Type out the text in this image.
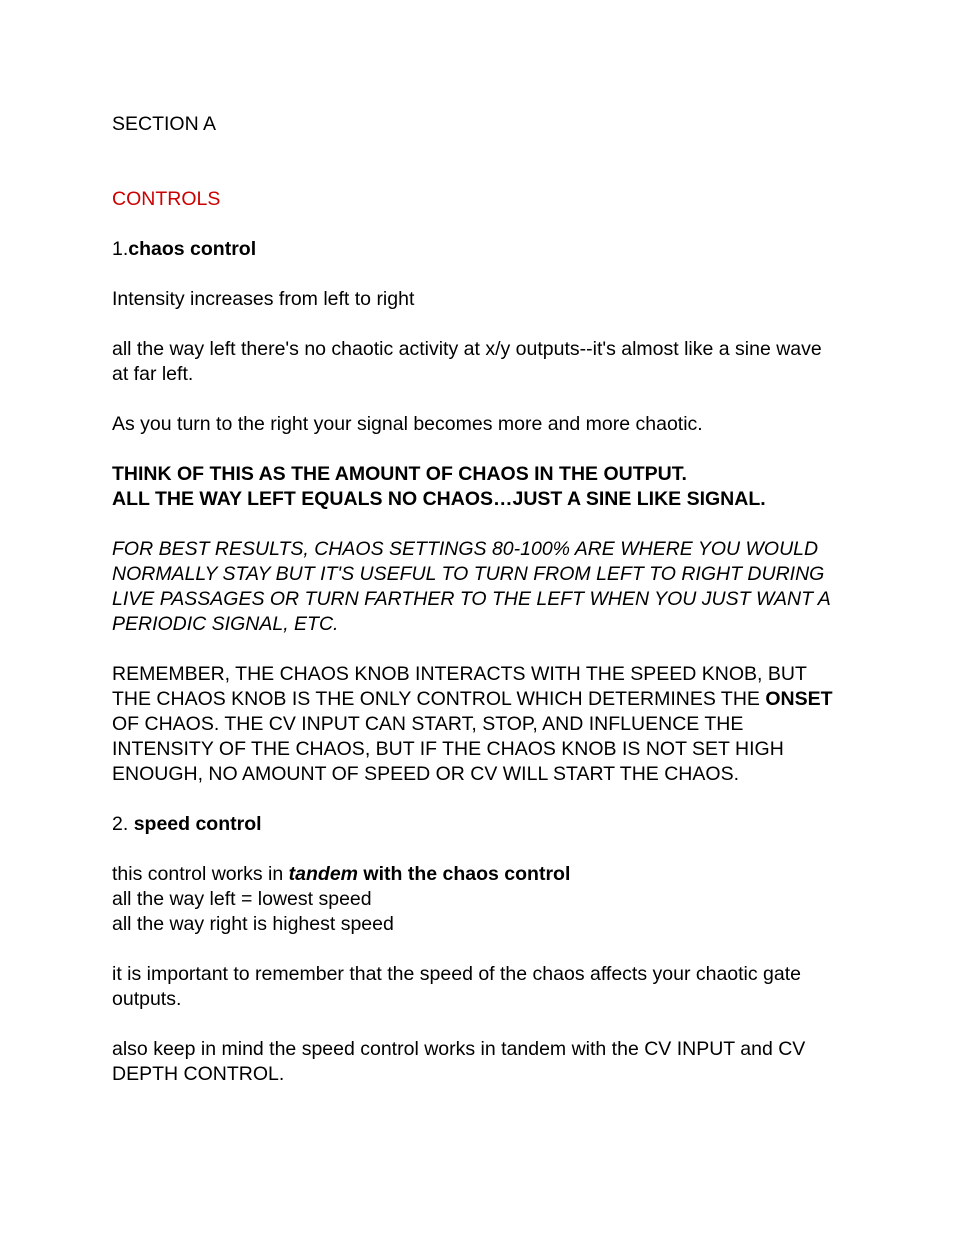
SECTION A

CONTROLS

1.chaos control

Intensity increases from left to right

all the way left there's no chaotic activity at x/y outputs--it's almost like a sine wave at far left.

As you turn to the right your signal becomes more and more chaotic.

THINK OF THIS AS THE AMOUNT OF CHAOS IN THE OUTPUT.
ALL THE WAY LEFT EQUALS NO CHAOS…JUST A SINE LIKE SIGNAL.

FOR BEST RESULTS, CHAOS SETTINGS 80-100% ARE WHERE YOU WOULD NORMALLY STAY BUT IT'S USEFUL TO TURN FROM LEFT TO RIGHT DURING LIVE PASSAGES OR TURN FARTHER TO THE LEFT WHEN YOU JUST WANT A PERIODIC SIGNAL, ETC.

REMEMBER, THE CHAOS KNOB INTERACTS WITH THE SPEED KNOB, BUT THE CHAOS KNOB IS THE ONLY CONTROL WHICH DETERMINES THE ONSET OF CHAOS. THE CV INPUT CAN START, STOP, AND INFLUENCE THE INTENSITY OF THE CHAOS, BUT IF THE CHAOS KNOB IS NOT SET HIGH ENOUGH, NO AMOUNT OF SPEED OR CV WILL START THE CHAOS.

2. speed control

this control works in tandem with the chaos control
all the way left = lowest speed
all the way right is highest speed

it is important to remember that the speed of the chaos affects your chaotic gate outputs.

also keep in mind the speed control works in tandem with the CV INPUT and CV DEPTH CONTROL.
